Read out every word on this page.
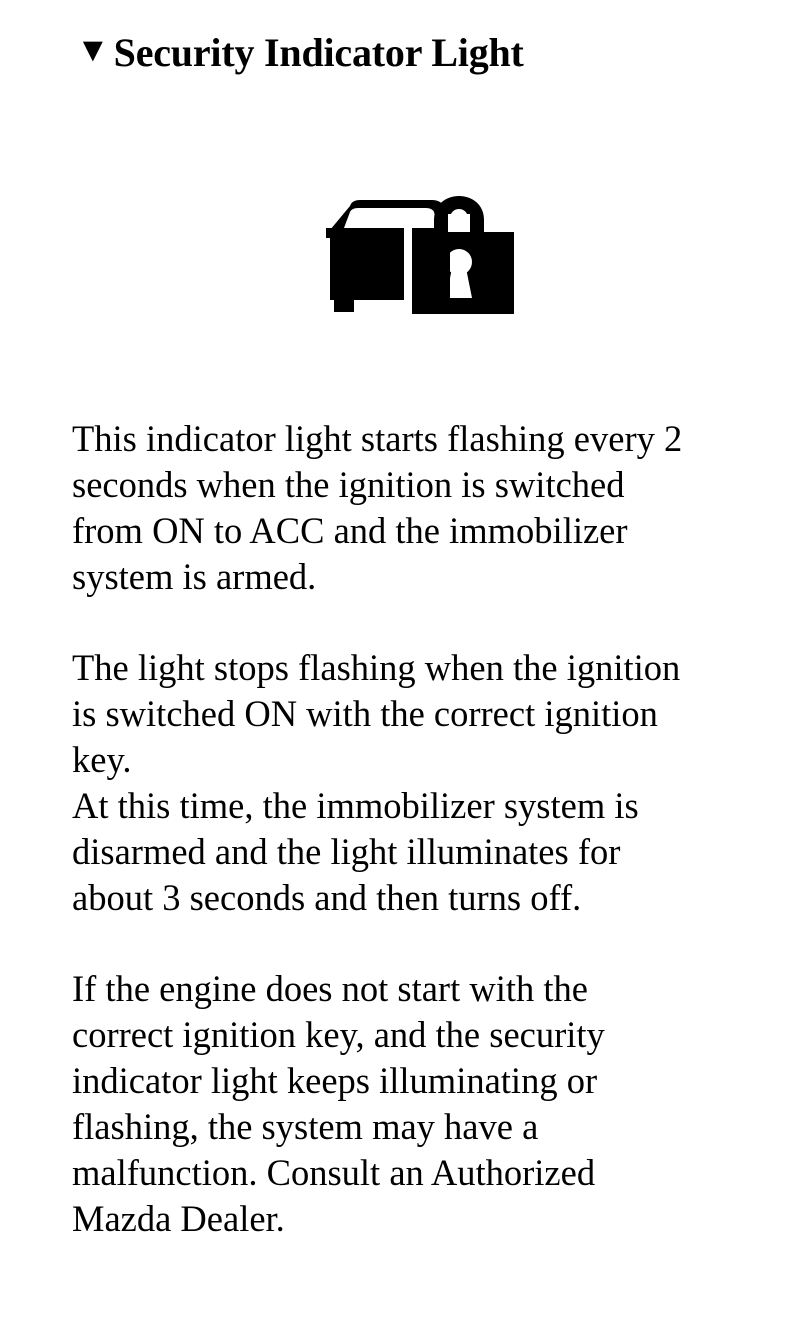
▼ Security Indicator Light

This indicator light starts flashing every 2
seconds when the ignition is switched
from ON to ACC and the immobilizer
system is armed.

The light stops flashing when the ignition
is switched ON with the correct ignition
key.

At this time, the immobilizer system is
disarmed and the light illuminates for
about 3 seconds and then turns off.

If the engine does not start with the
correct ignition key, and the security
indicator light keeps illuminating or
flashing, the system may have a
malfunction. Consult an Authorized
Mazda Dealer.
